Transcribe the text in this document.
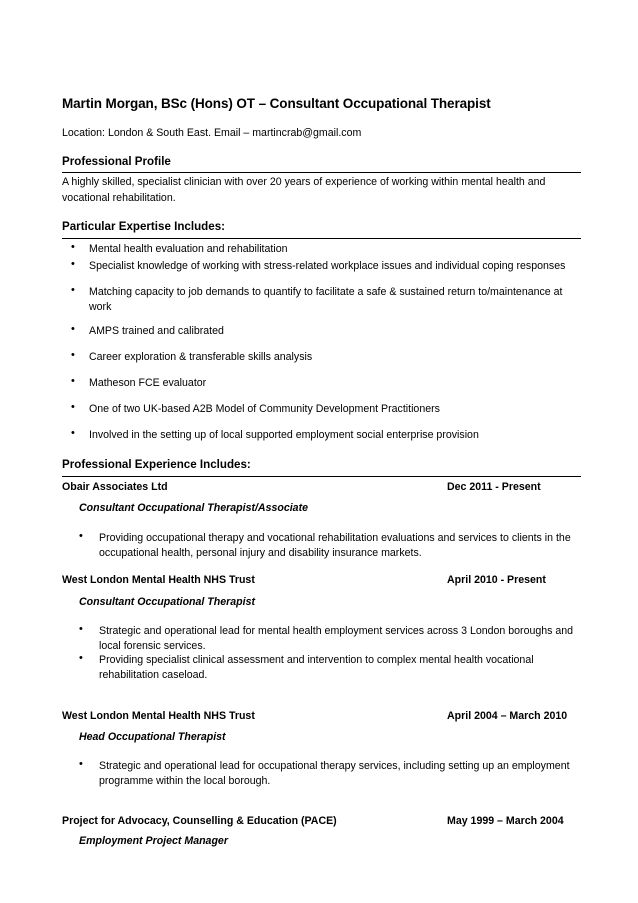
Martin Morgan, BSc (Hons) OT – Consultant Occupational Therapist
Location: London & South East. Email – martincrab@gmail.com
Professional Profile
A highly skilled, specialist clinician with over 20 years of experience of working within mental health and vocational rehabilitation.
Particular Expertise Includes:
• Mental health evaluation and rehabilitation
• Specialist knowledge of working with stress-related workplace issues and individual coping responses
• Matching capacity to job demands to quantify to facilitate a safe & sustained return to/maintenance at work
• AMPS trained and calibrated
• Career exploration & transferable skills analysis
• Matheson FCE evaluator
• One of two UK-based A2B Model of Community Development Practitioners
• Involved in the setting up of local supported employment social enterprise provision
Professional Experience Includes:
Obair Associates Ltd	Dec 2011 - Present
Consultant Occupational Therapist/Associate
• Providing occupational therapy and vocational rehabilitation evaluations and services to clients in the occupational health, personal injury and disability insurance markets.
West London Mental Health NHS Trust	April 2010 - Present
Consultant Occupational Therapist
• Strategic and operational lead for mental health employment services across 3 London boroughs and local forensic services.
• Providing specialist clinical assessment and intervention to complex mental health vocational rehabilitation caseload.
West London Mental Health NHS Trust	April 2004 – March 2010
Head Occupational Therapist
• Strategic and operational lead for occupational therapy services, including setting up an employment programme within the local borough.
Project for Advocacy, Counselling & Education (PACE)	May 1999 – March 2004
Employment Project Manager
